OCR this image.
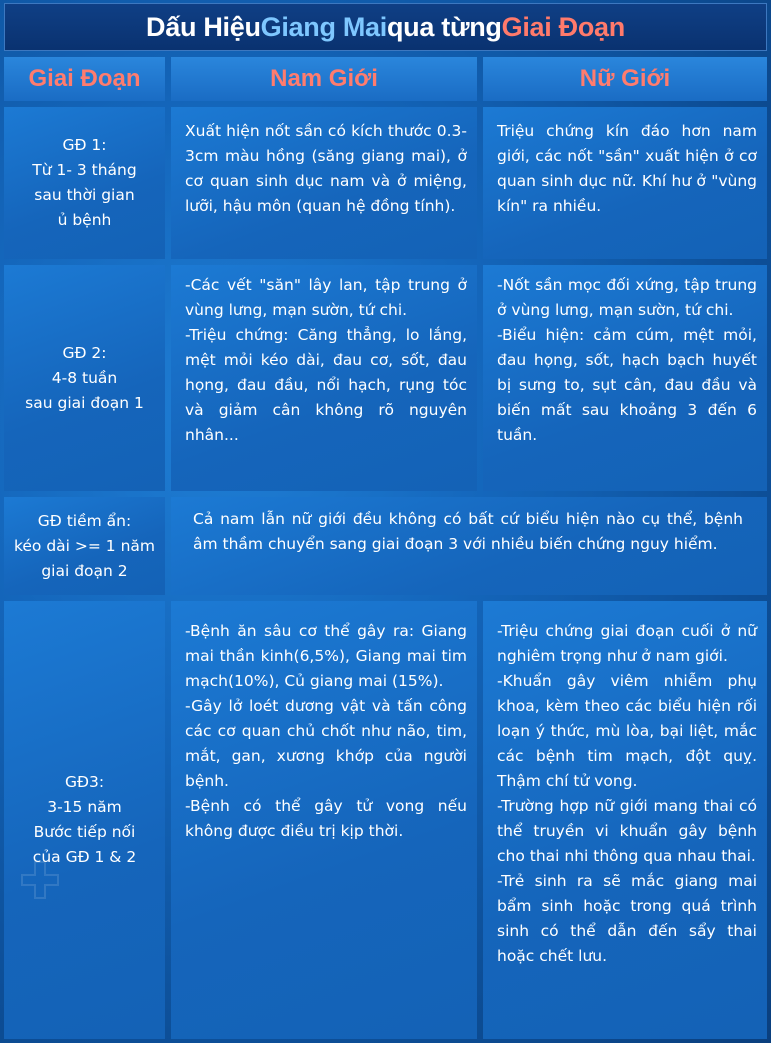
Dấu Hiệu Giang Mai qua từng Giai Đoạn
Giai Đoạn	Nam Giới	Nữ Giới
GĐ 1:
Từ 1- 3 tháng
sau thời gian
ủ bệnh
Xuất hiện nốt sần có kích thước 0.3-3cm màu hồng (săng giang mai), ở cơ quan sinh dục nam và ở miệng, lưỡi, hậu môn (quan hệ đồng tính).
Triệu chứng kín đáo hơn nam giới, các nốt "sần" xuất hiện ở cơ quan sinh dục nữ. Khí hư ở "vùng kín" ra nhiều.
GĐ 2:
4-8 tuần
sau giai đoạn 1
-Các vết "săn" lây lan, tập trung ở vùng lưng, mạn sườn, tứ chi.
-Triệu chứng: Căng thẳng, lo lắng, mệt mỏi kéo dài, đau cơ, sốt, đau họng, đau đầu, nổi hạch, rụng tóc và giảm cân không rõ nguyên nhân...
-Nốt sần mọc đối xứng, tập trung ở vùng lưng, mạn sườn, tứ chi.
-Biểu hiện: cảm cúm, mệt mỏi, đau họng, sốt, hạch bạch huyết bị sưng to, sụt cân, đau đầu và biến mất sau khoảng 3 đến 6 tuần.
GĐ tiềm ẩn:
kéo dài >= 1 năm
giai đoạn 2
Cả nam lẫn nữ giới đều không có bất cứ biểu hiện nào cụ thể, bệnh âm thầm chuyển sang giai đoạn 3 với nhiều biến chứng nguy hiểm.
GĐ3:
3-15 năm
Bước tiếp nối
của GĐ 1 & 2
-Bệnh ăn sâu cơ thể gây ra: Giang mai thần kinh(6,5%), Giang mai tim mạch(10%), Củ giang mai (15%).
-Gây lở loét dương vật và tấn công các cơ quan chủ chốt như não, tim, mắt, gan, xương khớp của người bệnh.
-Bệnh có thể gây tử vong nếu không được điều trị kịp thời.
-Triệu chứng giai đoạn cuối ở nữ nghiêm trọng như ở nam giới.
-Khuẩn gây viêm nhiễm phụ khoa, kèm theo các biểu hiện rối loạn ý thức, mù lòa, bại liệt, mắc các bệnh tim mạch, đột quỵ. Thậm chí tử vong.
-Trường hợp nữ giới mang thai có thể truyền vi khuẩn gây bệnh cho thai nhi thông qua nhau thai.
-Trẻ sinh ra sẽ mắc giang mai bẩm sinh hoặc trong quá trình sinh có thể dẫn đến sẩy thai hoặc chết lưu.
